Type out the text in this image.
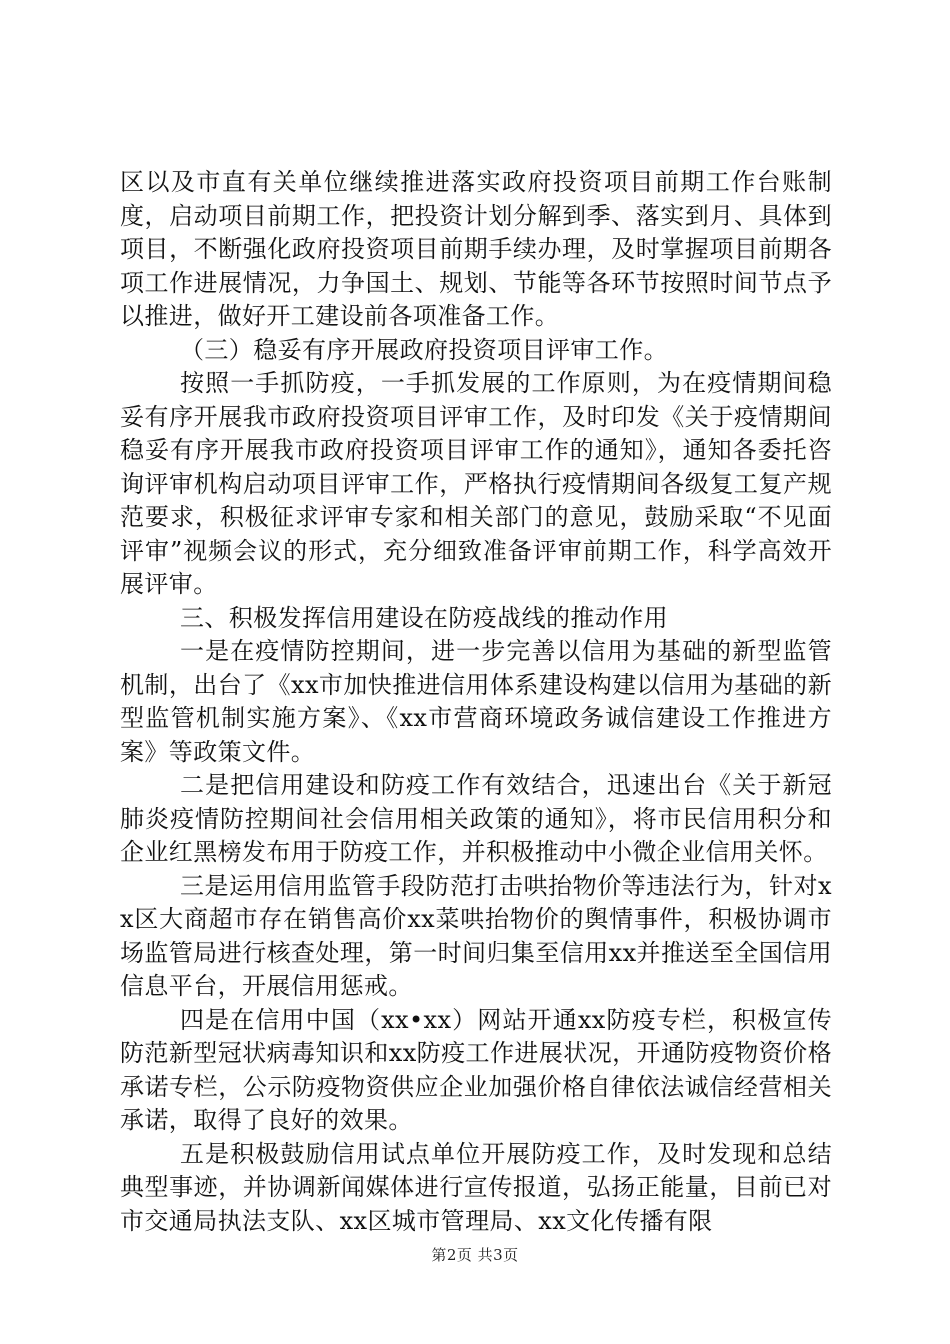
区以及市直有关单位继续推进落实政府投资项目前期工作台账制度，启动项目前期工作，把投资计划分解到季、落实到月、具体到项目，不断强化政府投资项目前期手续办理，及时掌握项目前期各项工作进展情况，力争国土、规划、节能等各环节按照时间节点予以推进，做好开工建设前各项准备工作。

（三）稳妥有序开展政府投资项目评审工作。

按照一手抓防疫，一手抓发展的工作原则，为在疫情期间稳妥有序开展我市政府投资项目评审工作，及时印发《关于疫情期间稳妥有序开展我市政府投资项目评审工作的通知》，通知各委托咨询评审机构启动项目评审工作，严格执行疫情期间各级复工复产规范要求，积极征求评审专家和相关部门的意见，鼓励采取“不见面评审”视频会议的形式，充分细致准备评审前期工作，科学高效开展评审。

三、积极发挥信用建设在防疫战线的推动作用

一是在疫情防控期间，进一步完善以信用为基础的新型监管机制，出台了《xx市加快推进信用体系建设构建以信用为基础的新型监管机制实施方案》、《xx市营商环境政务诚信建设工作推进方案》等政策文件。

二是把信用建设和防疫工作有效结合，迅速出台《关于新冠肺炎疫情防控期间社会信用相关政策的通知》，将市民信用积分和企业红黑榜发布用于防疫工作，并积极推动中小微企业信用关怀。

三是运用信用监管手段防范打击哄抬物价等违法行为，针对xx区大商超市存在销售高价xx菜哄抬物价的舆情事件，积极协调市场监管局进行核查处理，第一时间归集至信用xx并推送至全国信用信息平台，开展信用惩戒。

四是在信用中国（xx•xx）网站开通xx防疫专栏，积极宣传防范新型冠状病毒知识和xx防疫工作进展状况，开通防疫物资价格承诺专栏，公示防疫物资供应企业加强价格自律依法诚信经营相关承诺，取得了良好的效果。

五是积极鼓励信用试点单位开展防疫工作，及时发现和总结典型事迹，并协调新闻媒体进行宣传报道，弘扬正能量，目前已对市交通局执法支队、xx区城市管理局、xx文化传播有限

第2页 共3页
